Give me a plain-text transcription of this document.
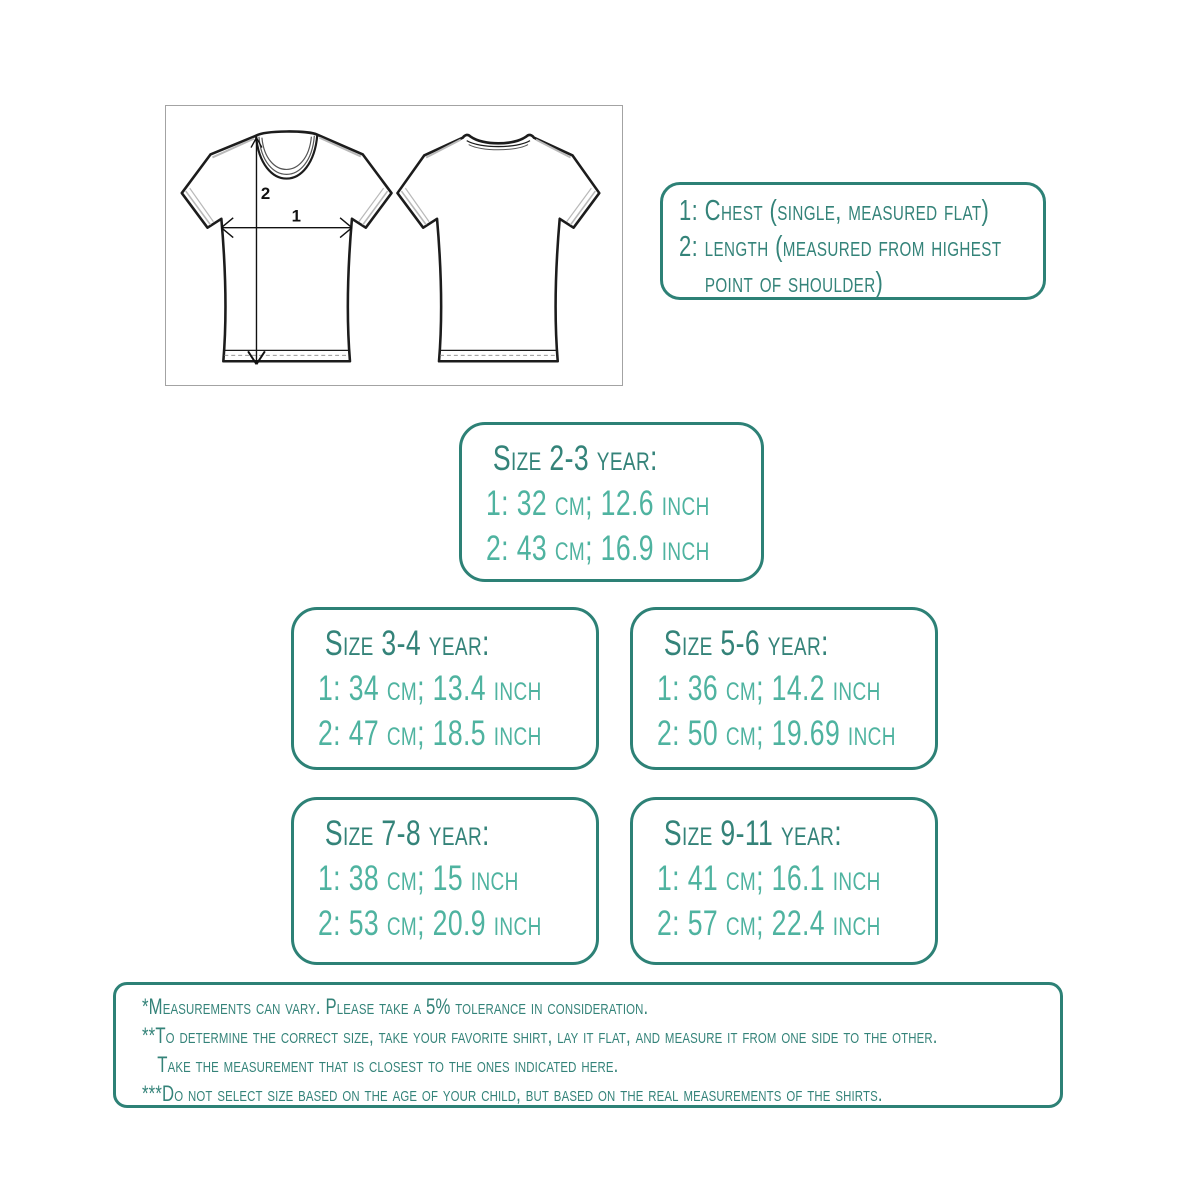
2
1	1: Chest (single, measured flat)
2: length (measured from highest
point of shoulder)
Size 2-3 year:
1: 32 cm; 12.6 inch
2: 43 cm; 16.9 inch
Size 3-4 year:
1: 34 cm; 13.4 inch
2: 47 cm; 18.5 inch
Size 5-6 year:
1: 36 cm; 14.2 inch
2: 50 cm; 19.69 inch
Size 7-8 year:
1: 38 cm; 15 inch
2: 53 cm; 20.9 inch
Size 9-11 year:
1: 41 cm; 16.1 inch
2: 57 cm; 22.4 inch
*Measurements can vary. Please take a 5% tolerance in consideration.
**To determine the correct size, take your favorite shirt, lay it flat, and measure it from one side to the other.
Take the measurement that is closest to the ones indicated here.
***Do not select size based on the age of your child, but based on the real measurements of the shirts.
